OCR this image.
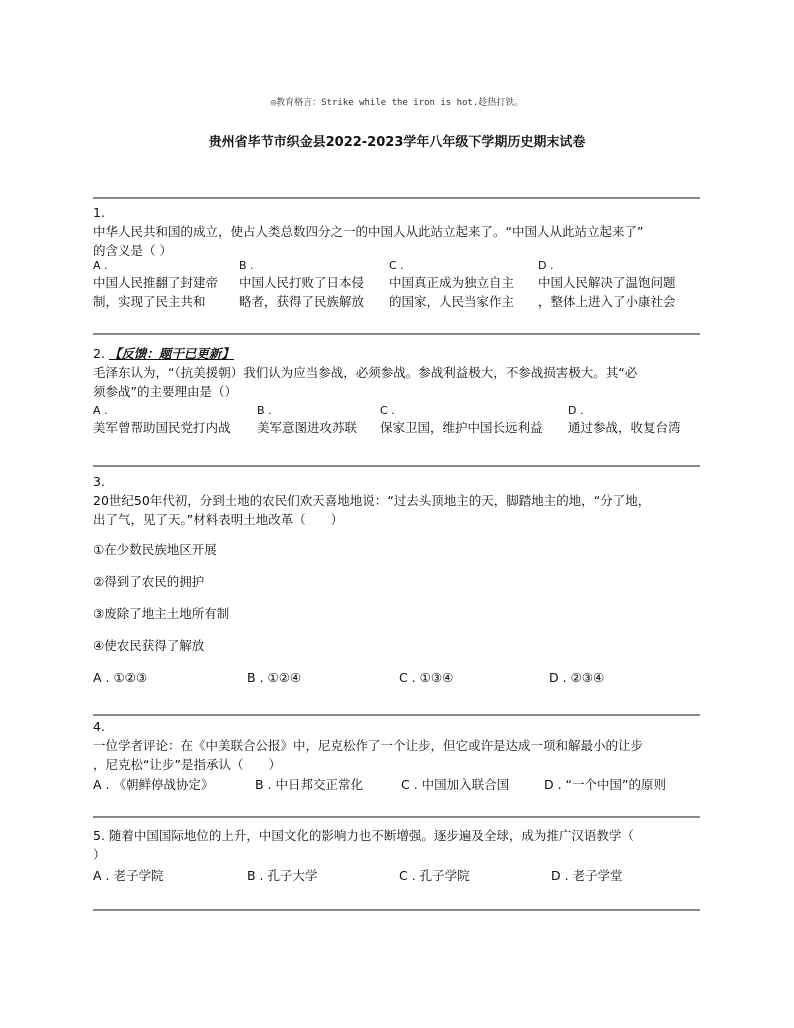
◎教育格言：Strike while the iron is hot.趁热打铁。
贵州省毕节市织金县2022-2023学年八年级下学期历史期末试卷
1.
中华人民共和国的成立，使占人类总数四分之一的中国人从此站立起来了。“中国人从此站立起来了”
的含义是（ ）
A .
中国人民推翻了封建帝
制，实现了民主共和
B .
中国人民打败了日本侵
略者，获得了民族解放
C .
中国真正成为独立自主
的国家，人民当家作主
D .
中国人民解决了温饱问题
，整体上进入了小康社会
2. 【反馈：题干已更新】
毛泽东认为，“（抗美援朝）我们认为应当参战，必须参战。参战利益极大，不参战损害极大。其“必
须参战”的主要理由是（）
A .
美军曾帮助国民党打内战
B .
美军意图进攻苏联
C .
保家卫国，维护中国长远利益
D .
通过参战，收复台湾
3.
20世纪50年代初，分到土地的农民们欢天喜地地说：“过去头顶地主的天，脚踏地主的地，“分了地，
出了气，见了天。”材料表明土地改革（　　）
①在少数民族地区开展
②得到了农民的拥护
③废除了地主土地所有制
④使农民获得了解放
A . ①②③	B . ①②④	C . ①③④	D . ②③④
4.
一位学者评论：在《中美联合公报》中，尼克松作了一个让步，但它或许是达成一项和解最小的让步
，尼克松“让步”是指承认（　　）
A . 《朝鲜停战协定》	B . 中日邦交正常化	C . 中国加入联合国	D . “一个中国”的原则
5. 随着中国国际地位的上升，中国文化的影响力也不断增强。逐步遍及全球，成为推广汉语教学（
）
A . 老子学院	B . 孔子大学	C . 孔子学院	D . 老子学堂
